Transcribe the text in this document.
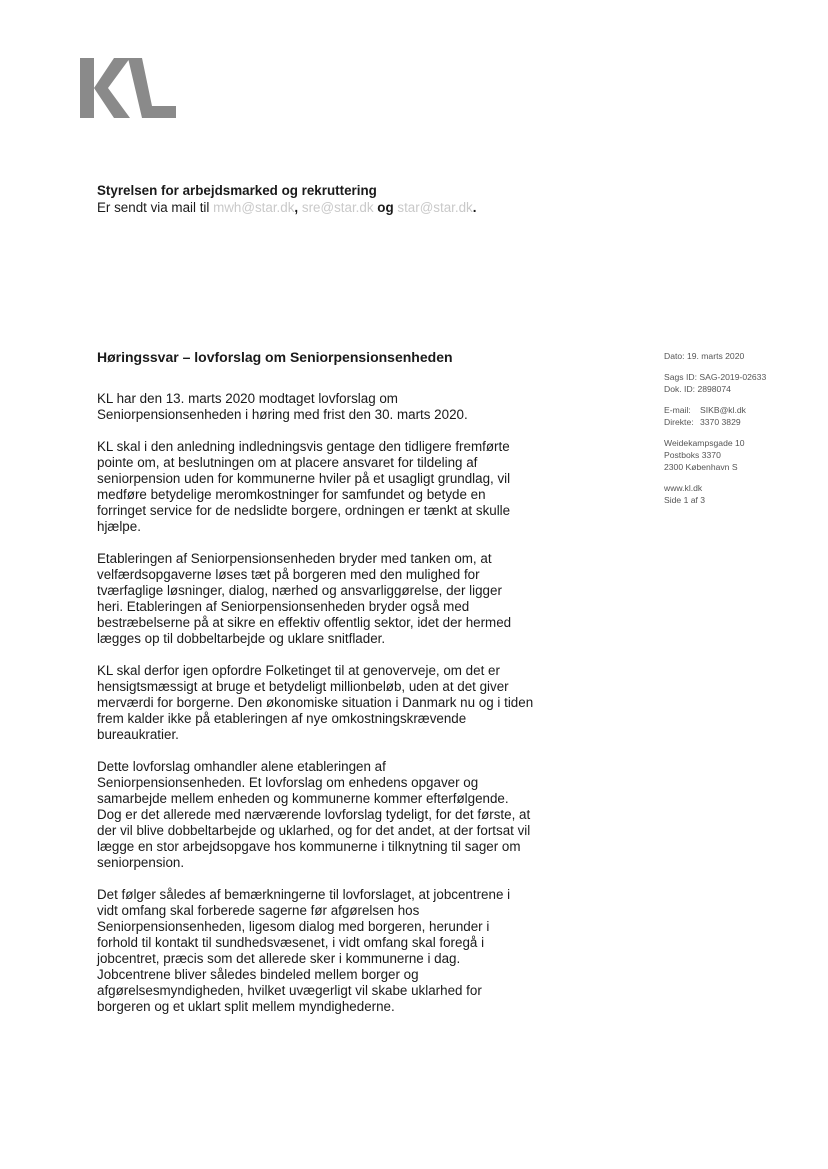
Styrelsen for arbejdsmarked og rekruttering
Er sendt via mail til mwh@star.dk, sre@star.dk og star@star.dk.
Høringssvar – lovforslag om Seniorpensionsenheden

KL har den 13. marts 2020 modtaget lovforslag om
Seniorpensionsenheden i høring med frist den 30. marts 2020.

KL skal i den anledning indledningsvis gentage den tidligere fremførte
pointe om, at beslutningen om at placere ansvaret for tildeling af
seniorpension uden for kommunerne hviler på et usagligt grundlag, vil
medføre betydelige meromkostninger for samfundet og betyde en
forringet service for de nedslidte borgere, ordningen er tænkt at skulle
hjælpe.

Etableringen af Seniorpensionsenheden bryder med tanken om, at
velfærdsopgaverne løses tæt på borgeren med den mulighed for
tværfaglige løsninger, dialog, nærhed og ansvarliggørelse, der ligger
heri. Etableringen af Seniorpensionsenheden bryder også med
bestræbelserne på at sikre en effektiv offentlig sektor, idet der hermed
lægges op til dobbeltarbejde og uklare snitflader.

KL skal derfor igen opfordre Folketinget til at genoverveje, om det er
hensigtsmæssigt at bruge et betydeligt millionbeløb, uden at det giver
merværdi for borgerne. Den økonomiske situation i Danmark nu og i tiden
frem kalder ikke på etableringen af nye omkostningskrævende
bureaukratier.

Dette lovforslag omhandler alene etableringen af
Seniorpensionsenheden. Et lovforslag om enhedens opgaver og
samarbejde mellem enheden og kommunerne kommer efterfølgende.
Dog er det allerede med nærværende lovforslag tydeligt, for det første, at
der vil blive dobbeltarbejde og uklarhed, og for det andet, at der fortsat vil
lægge en stor arbejdsopgave hos kommunerne i tilknytning til sager om
seniorpension.

Det følger således af bemærkningerne til lovforslaget, at jobcentrene i
vidt omfang skal forberede sagerne før afgørelsen hos
Seniorpensionsenheden, ligesom dialog med borgeren, herunder i
forhold til kontakt til sundhedsvæsenet, i vidt omfang skal foregå i
jobcentret, præcis som det allerede sker i kommunerne i dag.
Jobcentrene bliver således bindeled mellem borger og
afgørelsesmyndigheden, hvilket uvægerligt vil skabe uklarhed for
borgeren og et uklart split mellem myndighederne.

Dato: 19. marts 2020
Sags ID: SAG-2019-02633
Dok. ID: 2898074
E-mail: SIKB@kl.dk
Direkte: 3370 3829
Weidekampsgade 10
Postboks 3370
2300 København S
www.kl.dk
Side 1 af 3
